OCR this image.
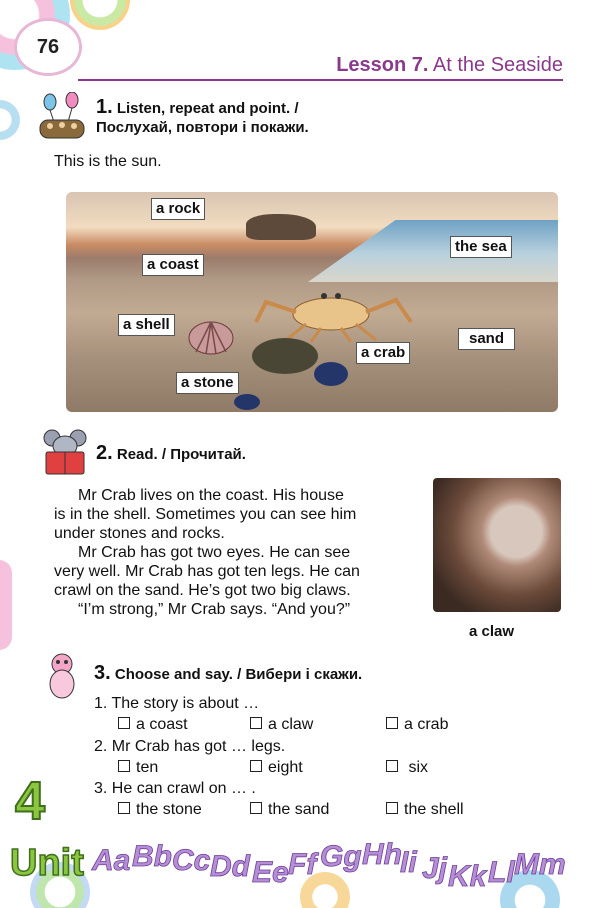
76
Lesson 7. At the Seaside
1. Listen, repeat and point. /
Послухай, повтори і покажи.
This is the sun.
a rock
the sea
a coast
a shell
sand
a crab
a stone
2. Read. / Прочитай.
Mr Crab lives on the coast. His house
is in the shell. Sometimes you can see him
under stones and rocks.
Mr Crab has got two eyes. He can see
very well. Mr Crab has got ten legs. He can
crawl on the sand. He’s got two big claws.
“I’m strong,” Mr Crab says. “And you?”
a claw
3. Choose and say. / Вибери і скажи.
1. The story is about …
a coast	a claw	a crab
2. Mr Crab has got … legs.
ten	eight	six
3. He can crawl on … .
the stone	the sand	the shell
4
Unit Aa Bb Cc Dd Ee Ff Gg Hh
Ii Jj Kk Ll Mm
